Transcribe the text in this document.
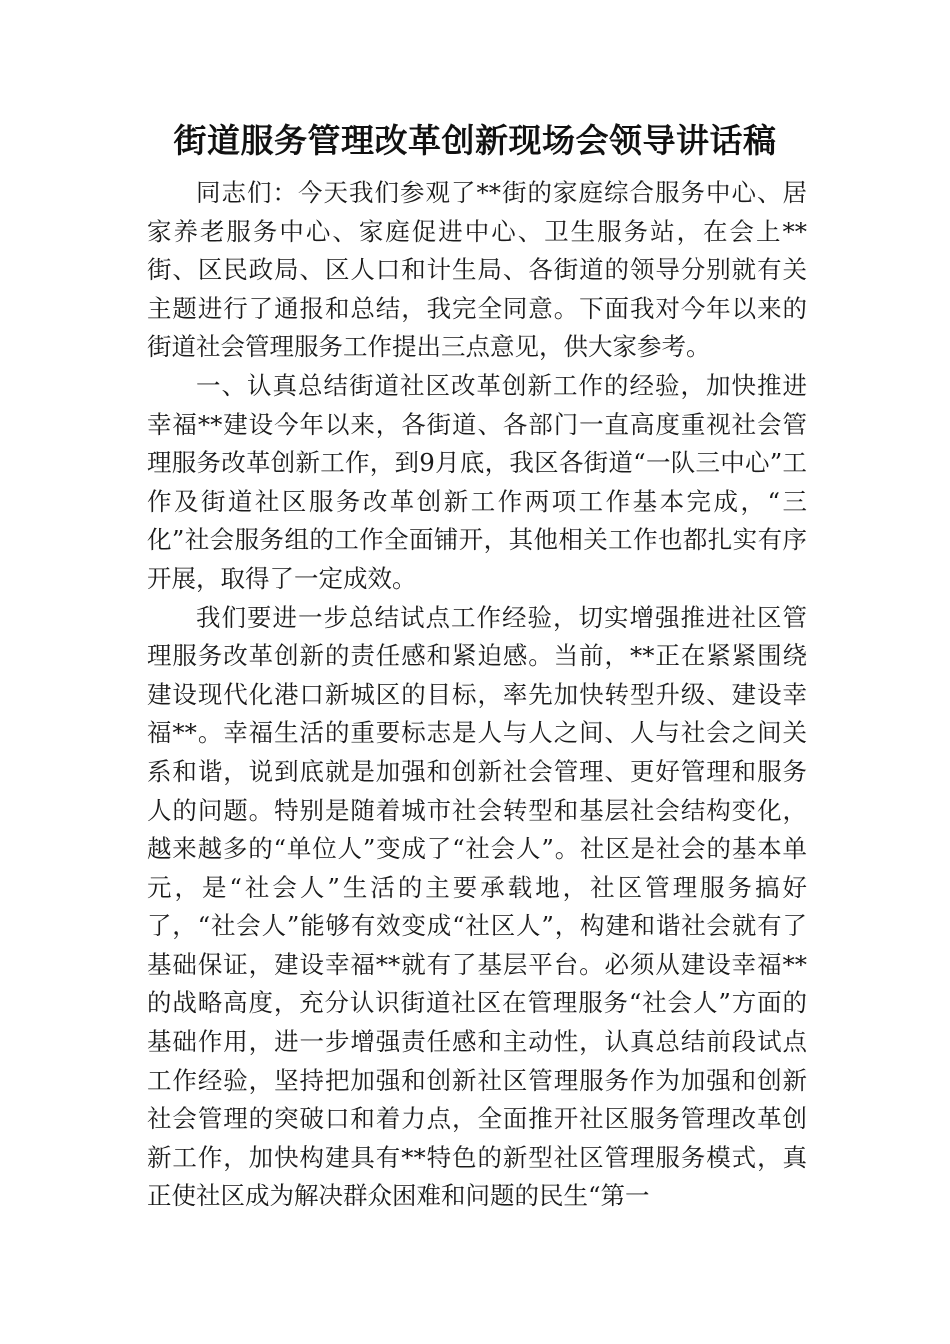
街道服务管理改革创新现场会领导讲话稿

同志们：今天我们参观了**街的家庭综合服务中心、居家养老服务中心、家庭促进中心、卫生服务站，在会上**街、区民政局、区人口和计生局、各街道的领导分别就有关主题进行了通报和总结，我完全同意。下面我对今年以来的街道社会管理服务工作提出三点意见，供大家参考。

一、认真总结街道社区改革创新工作的经验，加快推进幸福**建设今年以来，各街道、各部门一直高度重视社会管理服务改革创新工作，到9月底，我区各街道“一队三中心”工作及街道社区服务改革创新工作两项工作基本完成，“三化”社会服务组的工作全面铺开，其他相关工作也都扎实有序开展，取得了一定成效。

我们要进一步总结试点工作经验，切实增强推进社区管理服务改革创新的责任感和紧迫感。当前，**正在紧紧围绕建设现代化港口新城区的目标，率先加快转型升级、建设幸福**。幸福生活的重要标志是人与人之间、人与社会之间关系和谐，说到底就是加强和创新社会管理、更好管理和服务人的问题。特别是随着城市社会转型和基层社会结构变化，越来越多的“单位人”变成了“社会人”。社区是社会的基本单元，是“社会人”生活的主要承载地，社区管理服务搞好了，“社会人”能够有效变成“社区人”，构建和谐社会就有了基础保证，建设幸福**就有了基层平台。必须从建设幸福**的战略高度，充分认识街道社区在管理服务“社会人”方面的基础作用，进一步增强责任感和主动性，认真总结前段试点工作经验，坚持把加强和创新社区管理服务作为加强和创新社会管理的突破口和着力点，全面推开社区服务管理改革创新工作，加快构建具有**特色的新型社区管理服务模式，真正使社区成为解决群众困难和问题的民生“第一
